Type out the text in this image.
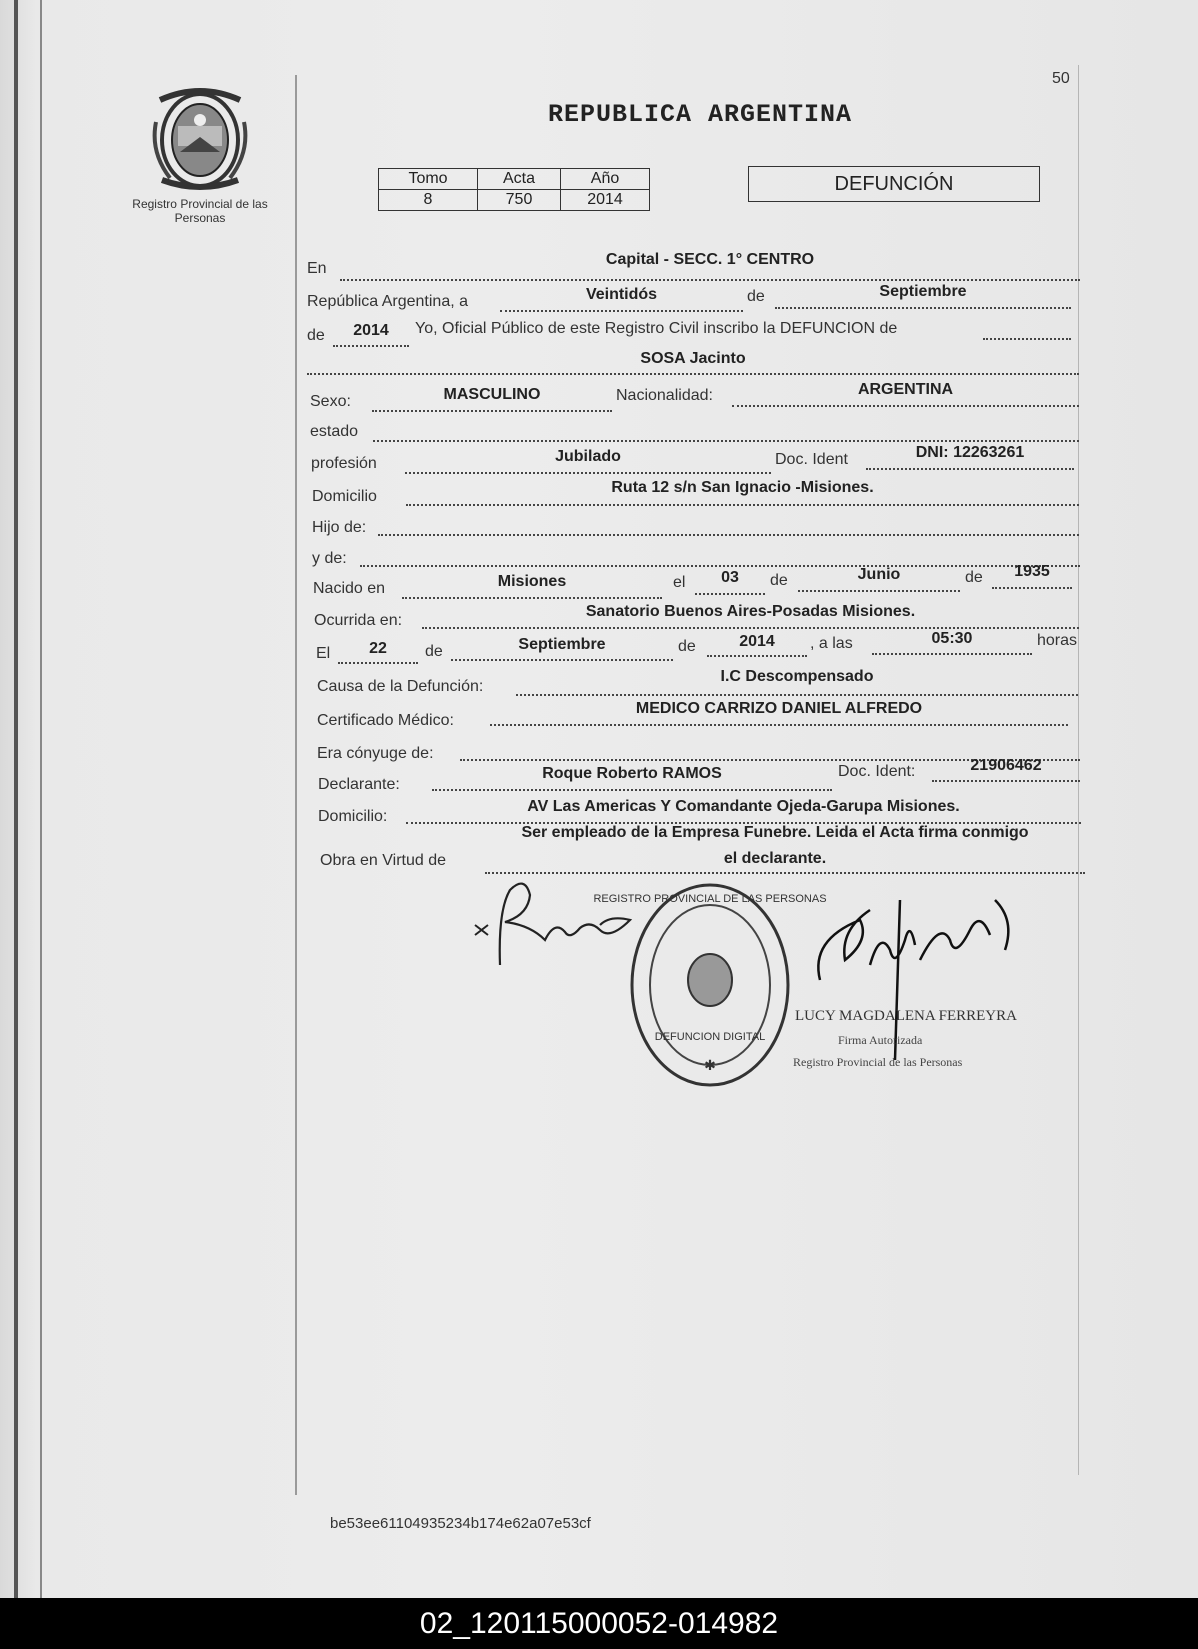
Registro Provincial de las Personas
50
REPUBLICA ARGENTINA
Tomo	Acta	Año
8	750	2014
DEFUNCIÓN
En
Capital - SECC. 1° CENTRO
República Argentina, a	Veintidós	de	Septiembre
de	2014	Yo, Oficial Público de este Registro Civil inscribo la DEFUNCION de
SOSA Jacinto
Sexo:	MASCULINO	Nacionalidad:	ARGENTINA
estado
profesión	Jubilado	Doc. Ident	DNI: 12263261
Domicilio
Ruta 12 s/n San Ignacio -Misiones.
Hijo de:
y de:
Nacido en	Misiones	el	03	de	Junio	de	1935
Ocurrida en:
Sanatorio Buenos Aires-Posadas Misiones.
El	22	de	Septiembre	de	2014	, a las	05:30	horas
Causa de la Defunción:
I.C Descompensado
Certificado Médico:
MEDICO CARRIZO DANIEL ALFREDO
Era cónyuge de:
Declarante:
Roque Roberto RAMOS	Doc. Ident:	21906462
Domicilio:
AV Las Americas Y Comandante Ojeda-Garupa Misiones.
Obra en Virtud de
Ser empleado de la Empresa Funebre. Leida el Acta firma conmigo
el declarante.
REGISTRO PROVINCIAL DE LAS PERSONAS
DEFUNCION DIGITAL
✱
LUCY MAGDALENA FERREYRA
Firma Autorizada
Registro Provincial de las Personas
be53ee61104935234b174e62a07e53cf
02_120115000052-014982
